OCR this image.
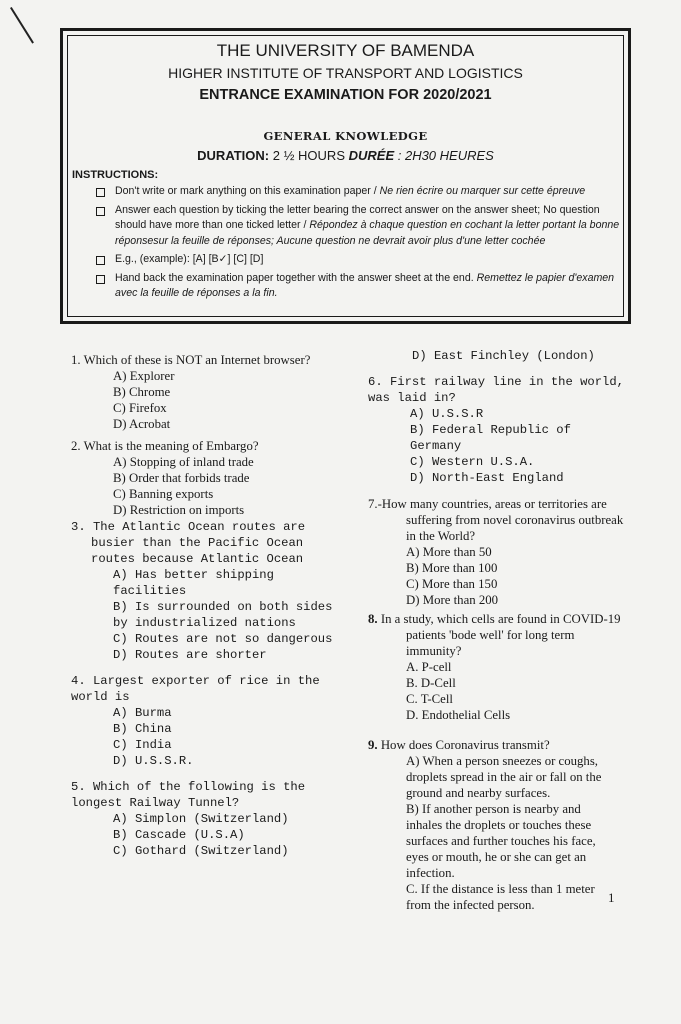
THE UNIVERSITY OF BAMENDA
HIGHER INSTITUTE OF TRANSPORT AND LOGISTICS
ENTRANCE EXAMINATION FOR 2020/2021
GENERAL KNOWLEDGE
DURATION: 2 ½ HOURS DURÉE : 2H30 HEURES
INSTRUCTIONS:
Don't write or mark anything on this examination paper / Ne rien écrire ou marquer sur cette épreuve
Answer each question by ticking the letter bearing the correct answer on the answer sheet; No question should have more than one ticked letter / Répondez à chaque question en cochant la letter portant la bonne réponsesur la feuille de réponses; Aucune question ne devrait avoir plus d'une letter cochée
E.g., (example): [A] [B✓] [C] [D]
Hand back the examination paper together with the answer sheet at the end. Remettez le papier d'examen avec la feuille de réponses a la fin.

1. Which of these is NOT an Internet browser?

A) Explorer

B) Chrome

C) Firefox

D) Acrobat

2. What is the meaning of Embargo?

A) Stopping of inland trade

B) Order that forbids trade

C) Banning exports

D) Restriction on imports

3. The Atlantic Ocean routes are busier than the Pacific Ocean routes because Atlantic Ocean

A) Has better shipping facilities

B) Is surrounded on both sides by industrialized nations

C) Routes are not so dangerous

D) Routes are shorter

4. Largest exporter of rice in the world is

A) Burma

B) China

C) India

D) U.S.S.R.

5. Which of the following is the longest Railway Tunnel?

A) Simplon (Switzerland)

B) Cascade (U.S.A)

C) Gothard (Switzerland)

D) East Finchley (London)

6. First railway line in the world, was laid in?

A) U.S.S.R

B) Federal Republic of Germany

C) Western U.S.A.

D) North-East England

7.-How many countries, areas or territories are suffering from novel coronavirus outbreak in the World?

A) More than 50

B) More than 100

C) More than 150

D) More than 200

8. In a study, which cells are found in COVID-19 patients 'bode well' for long term immunity?

A. P-cell

B. D-Cell

C. T-Cell

D. Endothelial Cells

9. How does Coronavirus transmit?

A) When a person sneezes or coughs, droplets spread in the air or fall on the ground and nearby surfaces.

B) If another person is nearby and inhales the droplets or touches these surfaces and further touches his face, eyes or mouth, he or she can get an infection.

C. If the distance is less than 1 meter from the infected person.	1
